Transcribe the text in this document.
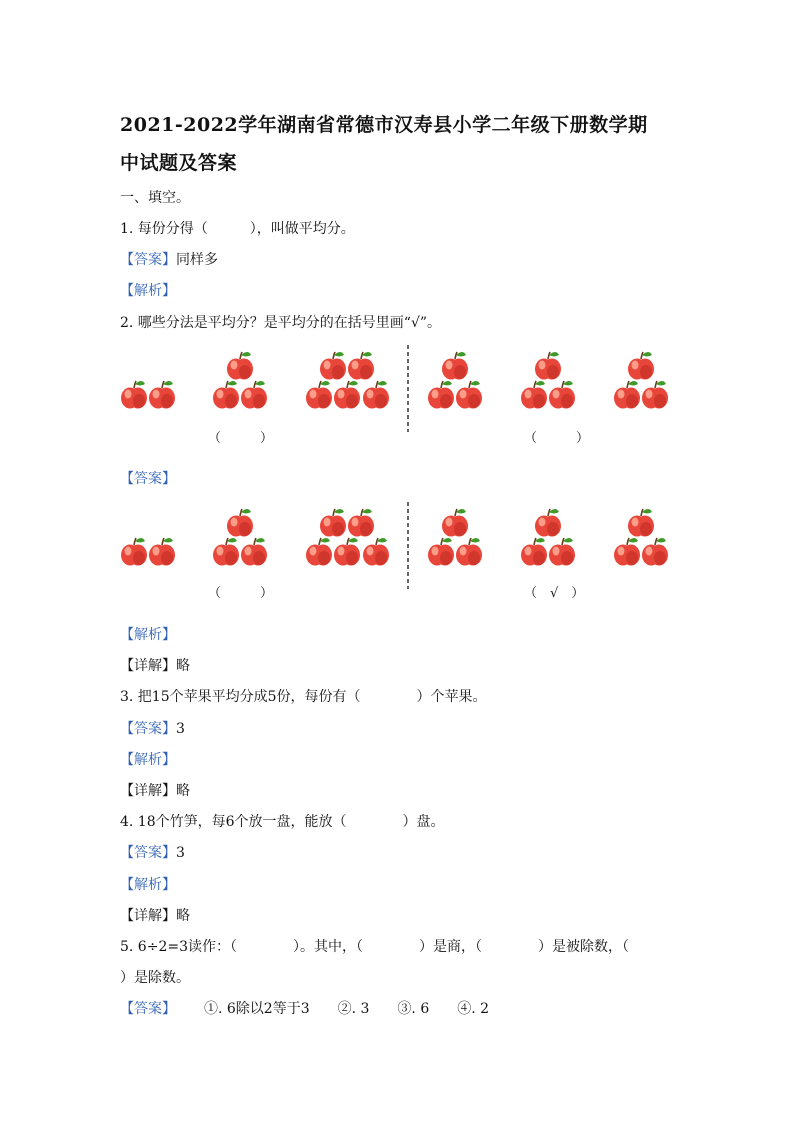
2021-2022学年湖南省常德市汉寿县小学二年级下册数学期
中试题及答案
一、填空。
1. 每份分得（　　　），叫做平均分。
【答案】同样多
【解析】
2. 哪些分法是平均分？是平均分的在括号里画“√”。
（　　　）	（　　　）
【答案】
（　　　）	（　√　）
【解析】
【详解】略
3. 把15个苹果平均分成5份，每份有（　　　　）个苹果。
【答案】3
【解析】
【详解】略
4. 18个竹笋，每6个放一盘，能放（　　　　）盘。
【答案】3
【解析】
【详解】略
5. 6÷2=3读作：（　　　　）。其中，（　　　　）是商，（　　　　）是被除数，（
）是除数。
【答案】 ①. 6除以2等于3　　②. 3　　③. 6　　④. 2
